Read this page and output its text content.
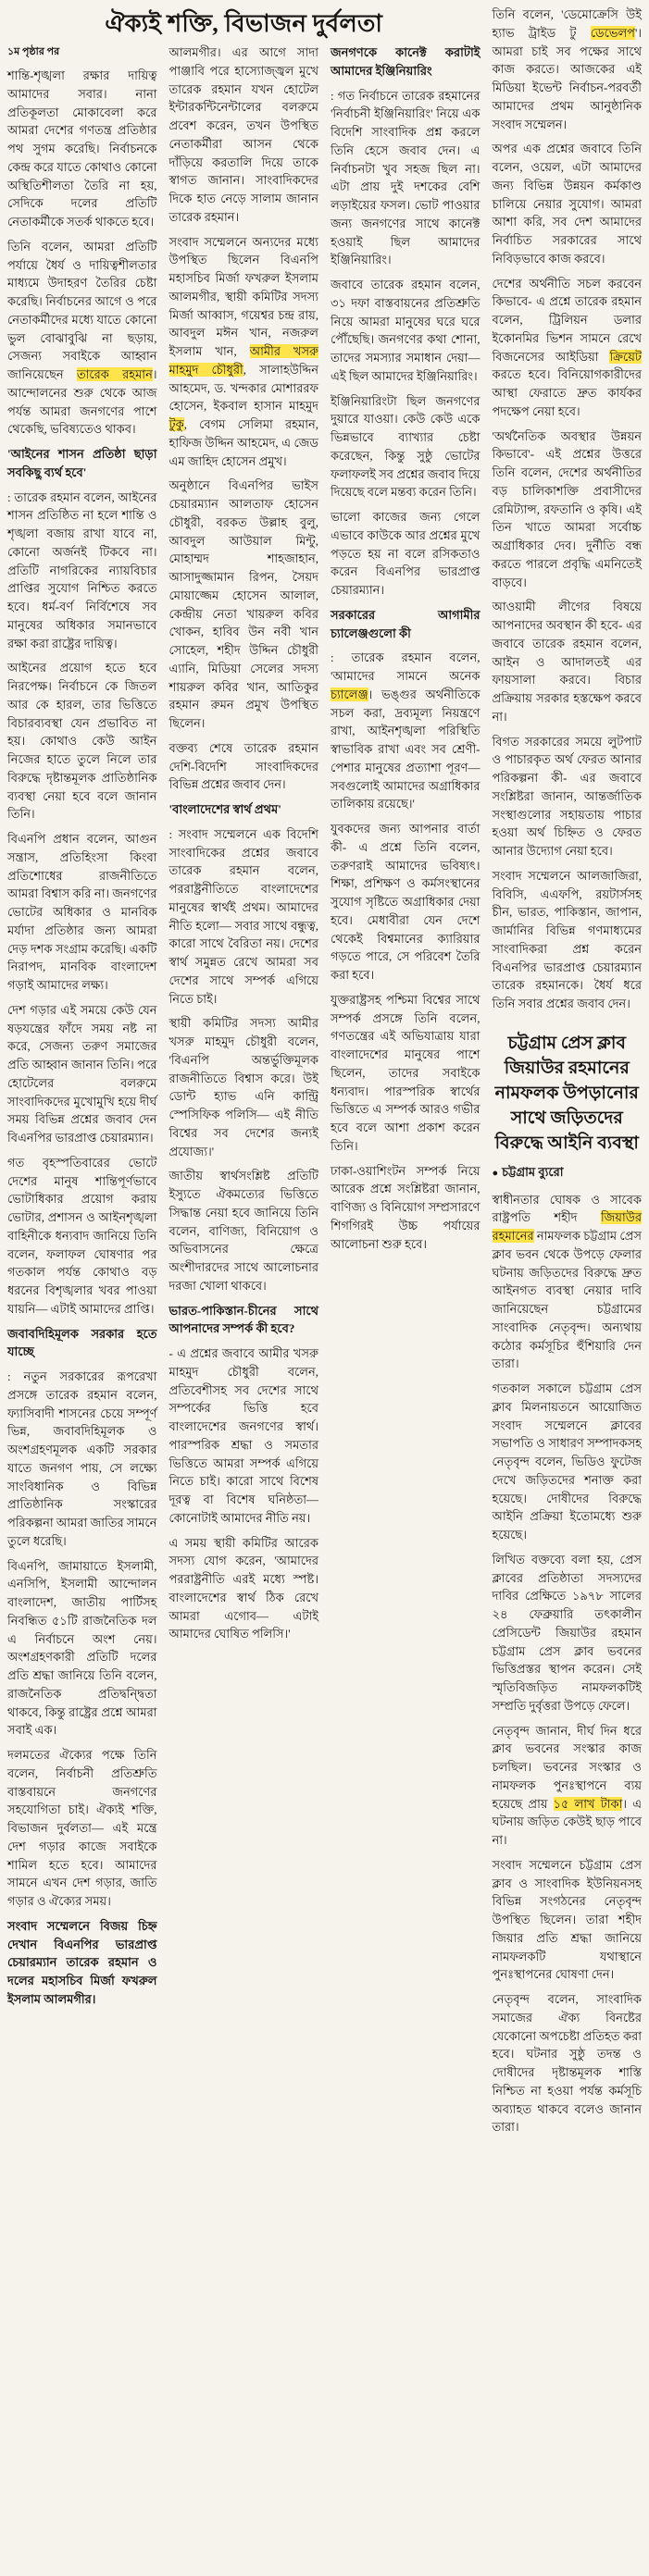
ঐক্যই শক্তি, বিভাজন দুর্বলতা
১ম পৃষ্ঠার পর

শান্তি-শৃঙ্খলা রক্ষার দায়িত্ব আমাদের সবার। নানা প্রতিকূলতা মোকাবেলা করে আমরা দেশের গণতন্ত্র প্রতিষ্ঠার পথ সুগম করেছি। নির্বাচনকে কেন্দ্র করে যাতে কোথাও কোনো অস্থিতিশীলতা তৈরি না হয়, সেদিকে দলের প্রতিটি নেতাকর্মীকে সতর্ক থাকতে হবে।

তিনি বলেন, আমরা প্রতিটি পর্যায়ে ধৈর্য ও দায়িত্বশীলতার মাধ্যমে উদাহরণ তৈরির চেষ্টা করেছি। নির্বাচনের আগে ও পরে নেতাকর্মীদের মধ্যে যাতে কোনো ভুল বোঝাবুঝি না ছড়ায়, সেজন্য সবাইকে আহ্বান জানিয়েছেন তারেক রহমান। আন্দোলনের শুরু থেকে আজ পর্যন্ত আমরা জনগণের পাশে থেকেছি, ভবিষ্যতেও থাকব।

'আইনের শাসন প্রতিষ্ঠা ছাড়া সবকিছু ব্যর্থ হবে'

: তারেক রহমান বলেন, আইনের শাসন প্রতিষ্ঠিত না হলে শান্তি ও শৃঙ্খলা বজায় রাখা যাবে না, কোনো অর্জনই টিকবে না। প্রতিটি নাগরিকের ন্যায়বিচার প্রাপ্তির সুযোগ নিশ্চিত করতে হবে। ধর্ম-বর্ণ নির্বিশেষে সব মানুষের অধিকার সমানভাবে রক্ষা করা রাষ্ট্রের দায়িত্ব।

আইনের প্রয়োগ হতে হবে নিরপেক্ষ। নির্বাচনে কে জিতল আর কে হারল, তার ভিত্তিতে বিচারব্যবস্থা যেন প্রভাবিত না হয়। কোথাও কেউ আইন নিজের হাতে তুলে নিলে তার বিরুদ্ধে দৃষ্টান্তমূলক প্রাতিষ্ঠানিক ব্যবস্থা নেয়া হবে বলে জানান তিনি।

বিএনপি প্রধান বলেন, আগুন সন্ত্রাস, প্রতিহিংসা কিংবা প্রতিশোধের রাজনীতিতে আমরা বিশ্বাস করি না। জনগণের ভোটের অধিকার ও মানবিক মর্যাদা প্রতিষ্ঠার জন্য আমরা দেড় দশক সংগ্রাম করেছি। একটি নিরাপদ, মানবিক বাংলাদেশ গড়াই আমাদের লক্ষ্য।

দেশ গড়ার এই সময়ে কেউ যেন ষড়যন্ত্রের ফাঁদে সময় নষ্ট না করে, সেজন্য তরুণ সমাজের প্রতি আহ্বান জানান তিনি। পরে হোটেলের বলরুমে সাংবাদিকদের মুখোমুখি হয়ে দীর্ঘ সময় বিভিন্ন প্রশ্নের জবাব দেন বিএনপির ভারপ্রাপ্ত চেয়ারম্যান।

গত বৃহস্পতিবারের ভোটে দেশের মানুষ শান্তিপূর্ণভাবে ভোটাধিকার প্রয়োগ করায় ভোটার, প্রশাসন ও আইনশৃঙ্খলা বাহিনীকে ধন্যবাদ জানিয়ে তিনি বলেন, ফলাফল ঘোষণার পর গতকাল পর্যন্ত কোথাও বড় ধরনের বিশৃঙ্খলার খবর পাওয়া যায়নি— এটাই আমাদের প্রাপ্তি।

জবাবদিহিমূলক সরকার হতে যাচ্ছে

: নতুন সরকারের রূপরেখা প্রসঙ্গে তারেক রহমান বলেন, ফ্যাসিবাদী শাসনের চেয়ে সম্পূর্ণ ভিন্ন, জবাবদিহিমূলক ও অংশগ্রহণমূলক একটি সরকার যাতে জনগণ পায়, সে লক্ষ্যে সাংবিধানিক ও বিভিন্ন প্রাতিষ্ঠানিক সংস্কারের পরিকল্পনা আমরা জাতির সামনে তুলে ধরেছি।

বিএনপি, জামায়াতে ইসলামী, এনসিপি, ইসলামী আন্দোলন বাংলাদেশ, জাতীয় পার্টিসহ নিবন্ধিত ৫১টি রাজনৈতিক দল এ নির্বাচনে অংশ নেয়। অংশগ্রহণকারী প্রতিটি দলের প্রতি শ্রদ্ধা জানিয়ে তিনি বলেন, রাজনৈতিক প্রতিদ্বন্দ্বিতা থাকবে, কিন্তু রাষ্ট্রের প্রশ্নে আমরা সবাই এক।

দলমতের ঐক্যের পক্ষে তিনি বলেন, নির্বাচনী প্রতিশ্রুতি বাস্তবায়নে জনগণের সহযোগিতা চাই। ঐক্যই শক্তি, বিভাজন দুর্বলতা— এই মন্ত্রে দেশ গড়ার কাজে সবাইকে শামিল হতে হবে। আমাদের সামনে এখন দেশ গড়ার, জাতি গড়ার ও ঐক্যের সময়।

সংবাদ সম্মেলনে বিজয় চিহ্ন দেখান বিএনপির ভারপ্রাপ্ত চেয়ারম্যান তারেক রহমান ও দলের মহাসচিব মির্জা ফখরুল ইসলাম আলমগীর।

আলমগীর। এর আগে সাদা পাঞ্জাবি পরে হাস্যোজ্জ্বল মুখে তারেক রহমান যখন হোটেল ইন্টারকন্টিনেন্টালের বলরুমে প্রবেশ করেন, তখন উপস্থিত নেতাকর্মীরা আসন থেকে দাঁড়িয়ে করতালি দিয়ে তাকে স্বাগত জানান। সাংবাদিকদের দিকে হাত নেড়ে সালাম জানান তারেক রহমান।

সংবাদ সম্মেলনে অন্যদের মধ্যে উপস্থিত ছিলেন বিএনপি মহাসচিব মির্জা ফখরুল ইসলাম আলমগীর, স্থায়ী কমিটির সদস্য মির্জা আব্বাস, গয়েশ্বর চন্দ্র রায়, আবদুল মঈন খান, নজরুল ইসলাম খান, আমীর খসরু মাহমুদ চৌধুরী, সালাহউদ্দিন আহমেদ, ড. খন্দকার মোশাররফ হোসেন, ইকবাল হাসান মাহমুদ টুকু, বেগম সেলিমা রহমান, হাফিজ উদ্দিন আহমেদ, এ জেড এম জাহিদ হোসেন প্রমুখ।

অনুষ্ঠানে বিএনপির ভাইস চেয়ারম্যান আলতাফ হোসেন চৌধুরী, বরকত উল্লাহ বুলু, আবদুল আউয়াল মিন্টু, মোহাম্মদ শাহজাহান, আসাদুজ্জামান রিপন, সৈয়দ মোয়াজ্জেম হোসেন আলাল, কেন্দ্রীয় নেতা খায়রুল কবির খোকন, হাবিব উন নবী খান সোহেল, শহীদ উদ্দিন চৌধুরী এ্যানি, মিডিয়া সেলের সদস্য শায়রুল কবির খান, আতিকুর রহমান রুমন প্রমুখ উপস্থিত ছিলেন।

বক্তব্য শেষে তারেক রহমান দেশি-বিদেশি সাংবাদিকদের বিভিন্ন প্রশ্নের জবাব দেন।

'বাংলাদেশের স্বার্থ প্রথম'

: সংবাদ সম্মেলনে এক বিদেশি সাংবাদিকের প্রশ্নের জবাবে তারেক রহমান বলেন, পররাষ্ট্রনীতিতে বাংলাদেশের মানুষের স্বার্থই প্রথম। আমাদের নীতি হলো— সবার সাথে বন্ধুত্ব, কারো সাথে বৈরিতা নয়। দেশের স্বার্থ সমুন্নত রেখে আমরা সব দেশের সাথে সম্পর্ক এগিয়ে নিতে চাই।

স্থায়ী কমিটির সদস্য আমীর খসরু মাহমুদ চৌধুরী বলেন, 'বিএনপি অন্তর্ভুক্তিমূলক রাজনীতিতে বিশ্বাস করে। উই ডোন্ট হ্যাভ এনি কান্ট্রি স্পেসিফিক পলিসি— এই নীতি বিশ্বের সব দেশের জন্যই প্রযোজ্য।'

জাতীয় স্বার্থসংশ্লিষ্ট প্রতিটি ইস্যুতে ঐকমত্যের ভিত্তিতে সিদ্ধান্ত নেয়া হবে জানিয়ে তিনি বলেন, বাণিজ্য, বিনিয়োগ ও অভিবাসনের ক্ষেত্রে অংশীদারদের সাথে আলোচনার দরজা খোলা থাকবে।

ভারত-পাকিস্তান-চীনের সাথে আপনাদের সম্পর্ক কী হবে?

- এ প্রশ্নের জবাবে আমীর খসরু মাহমুদ চৌধুরী বলেন, প্রতিবেশীসহ সব দেশের সাথে সম্পর্কের ভিত্তি হবে বাংলাদেশের জনগণের স্বার্থ। পারস্পরিক শ্রদ্ধা ও সমতার ভিত্তিতে আমরা সম্পর্ক এগিয়ে নিতে চাই। কারো সাথে বিশেষ দূরত্ব বা বিশেষ ঘনিষ্ঠতা— কোনোটাই আমাদের নীতি নয়।

এ সময় স্থায়ী কমিটির আরেক সদস্য যোগ করেন, 'আমাদের পররাষ্ট্রনীতি এরই মধ্যে স্পষ্ট। বাংলাদেশের স্বার্থ ঠিক রেখে আমরা এগোব— এটাই আমাদের ঘোষিত পলিসি।'

জনগণকে কানেক্ট করাটাই আমাদের ইঞ্জিনিয়ারিং

: গত নির্বাচনে তারেক রহমানের 'নির্বাচনী ইঞ্জিনিয়ারিং' নিয়ে এক বিদেশি সাংবাদিক প্রশ্ন করলে তিনি হেসে জবাব দেন। এ নির্বাচনটা খুব সহজ ছিল না। এটা প্রায় দুই দশকের বেশি লড়াইয়ের ফসল। ভোট পাওয়ার জন্য জনগণের সাথে কানেক্ট হওয়াই ছিল আমাদের ইঞ্জিনিয়ারিং।

জবাবে তারেক রহমান বলেন, ৩১ দফা বাস্তবায়নের প্রতিশ্রুতি নিয়ে আমরা মানুষের ঘরে ঘরে পৌঁছেছি। জনগণের কথা শোনা, তাদের সমস্যার সমাধান দেয়া— এই ছিল আমাদের ইঞ্জিনিয়ারিং।

ইঞ্জিনিয়ারিংটা ছিল জনগণের দুয়ারে যাওয়া। কেউ কেউ একে ভিন্নভাবে ব্যাখ্যার চেষ্টা করেছেন, কিন্তু সুষ্ঠু ভোটের ফলাফলই সব প্রশ্নের জবাব দিয়ে দিয়েছে বলে মন্তব্য করেন তিনি।

ভালো কাজের জন্য গেলে এভাবে কাউকে আর প্রশ্নের মুখে পড়তে হয় না বলে রসিকতাও করেন বিএনপির ভারপ্রাপ্ত চেয়ারম্যান।

সরকারের আগামীর চ্যালেঞ্জগুলো কী

: তারেক রহমান বলেন, 'আমাদের সামনে অনেক চ্যালেঞ্জ। ভঙ্গুর অর্থনীতিকে সচল করা, দ্রব্যমূল্য নিয়ন্ত্রণে রাখা, আইনশৃঙ্খলা পরিস্থিতি স্বাভাবিক রাখা এবং সব শ্রেণী-পেশার মানুষের প্রত্যাশা পূরণ— সবগুলোই আমাদের অগ্রাধিকার তালিকায় রয়েছে।'

যুবকদের জন্য আপনার বার্তা কী- এ প্রশ্নে তিনি বলেন, তরুণরাই আমাদের ভবিষ্যৎ। শিক্ষা, প্রশিক্ষণ ও কর্মসংস্থানের সুযোগ সৃষ্টিতে অগ্রাধিকার দেয়া হবে। মেধাবীরা যেন দেশে থেকেই বিশ্বমানের ক্যারিয়ার গড়তে পারে, সে পরিবেশ তৈরি করা হবে।

যুক্তরাষ্ট্রসহ পশ্চিমা বিশ্বের সাথে সম্পর্ক প্রসঙ্গে তিনি বলেন, গণতন্ত্রের এই অভিযাত্রায় যারা বাংলাদেশের মানুষের পাশে ছিলেন, তাদের সবাইকে ধন্যবাদ। পারস্পরিক স্বার্থের ভিত্তিতে এ সম্পর্ক আরও গভীর হবে বলে আশা প্রকাশ করেন তিনি।

ঢাকা-ওয়াশিংটন সম্পর্ক নিয়ে আরেক প্রশ্নে সংশ্লিষ্টরা জানান, বাণিজ্য ও বিনিয়োগ সম্প্রসারণে শিগগিরই উচ্চ পর্যায়ের আলোচনা শুরু হবে।

তিনি বলেন, 'ডেমোক্রেসি উই হ্যাভ ট্রাইড টু ডেভেলপ'। আমরা চাই সব পক্ষের সাথে কাজ করতে। আজকের এই মিডিয়া ইভেন্ট নির্বাচন-পরবর্তী আমাদের প্রথম আনুষ্ঠানিক সংবাদ সম্মেলন।

অপর এক প্রশ্নের জবাবে তিনি বলেন, ওয়েল, এটা আমাদের জন্য বিভিন্ন উন্নয়ন কর্মকাণ্ড চালিয়ে নেয়ার সুযোগ। আমরা আশা করি, সব দেশ আমাদের নির্বাচিত সরকারের সাথে নিবিড়ভাবে কাজ করবে।

দেশের অর্থনীতি সচল করবেন কিভাবে- এ প্রশ্নে তারেক রহমান বলেন, ট্রিলিয়ন ডলার ইকোনমির ভিশন সামনে রেখে বিজনেসের আইডিয়া ক্রিয়েট করতে হবে। বিনিয়োগকারীদের আস্থা ফেরাতে দ্রুত কার্যকর পদক্ষেপ নেয়া হবে।

'অর্থনৈতিক অবস্থার উন্নয়ন কিভাবে'- এই প্রশ্নের উত্তরে তিনি বলেন, দেশের অর্থনীতির বড় চালিকাশক্তি প্রবাসীদের রেমিট্যান্স, রফতানি ও কৃষি। এই তিন খাতে আমরা সর্বোচ্চ অগ্রাধিকার দেব। দুর্নীতি বন্ধ করতে পারলে প্রবৃদ্ধি এমনিতেই বাড়বে।

আওয়ামী লীগের বিষয়ে আপনাদের অবস্থান কী হবে- এর জবাবে তারেক রহমান বলেন, আইন ও আদালতই এর ফায়সালা করবে। বিচার প্রক্রিয়ায় সরকার হস্তক্ষেপ করবে না।

বিগত সরকারের সময়ে লুটপাট ও পাচারকৃত অর্থ ফেরত আনার পরিকল্পনা কী- এর জবাবে সংশ্লিষ্টরা জানান, আন্তর্জাতিক সংস্থাগুলোর সহায়তায় পাচার হওয়া অর্থ চিহ্নিত ও ফেরত আনার উদ্যোগ নেয়া হবে।

সংবাদ সম্মেলনে আলজাজিরা, বিবিসি, এএফপি, রয়টার্সসহ চীন, ভারত, পাকিস্তান, জাপান, জার্মানির বিভিন্ন গণমাধ্যমের সাংবাদিকরা প্রশ্ন করেন বিএনপির ভারপ্রাপ্ত চেয়ারম্যান তারেক রহমানকে। ধৈর্য ধরে তিনি সবার প্রশ্নের জবাব দেন।

চট্টগ্রাম প্রেস ক্লাব জিয়াউর রহমানের নামফলক উপড়ানোর সাথে জড়িতদের বিরুদ্ধে আইনি ব্যবস্থা
● চট্টগ্রাম ব্যুরো

স্বাধীনতার ঘোষক ও সাবেক রাষ্ট্রপতি শহীদ জিয়াউর রহমানের নামফলক চট্টগ্রাম প্রেস ক্লাব ভবন থেকে উপড়ে ফেলার ঘটনায় জড়িতদের বিরুদ্ধে দ্রুত আইনগত ব্যবস্থা নেয়ার দাবি জানিয়েছেন চট্টগ্রামের সাংবাদিক নেতৃবৃন্দ। অন্যথায় কঠোর কর্মসূচির হুঁশিয়ারি দেন তারা।

গতকাল সকালে চট্টগ্রাম প্রেস ক্লাব মিলনায়তনে আয়োজিত সংবাদ সম্মেলনে ক্লাবের সভাপতি ও সাধারণ সম্পাদকসহ নেতৃবৃন্দ বলেন, ভিডিও ফুটেজ দেখে জড়িতদের শনাক্ত করা হয়েছে। দোষীদের বিরুদ্ধে আইনি প্রক্রিয়া ইতোমধ্যে শুরু হয়েছে।

লিখিত বক্তব্যে বলা হয়, প্রেস ক্লাবের প্রতিষ্ঠাতা সদস্যদের দাবির প্রেক্ষিতে ১৯৭৮ সালের ২৪ ফেব্রুয়ারি তৎকালীন প্রেসিডেন্ট জিয়াউর রহমান চট্টগ্রাম প্রেস ক্লাব ভবনের ভিত্তিপ্রস্তর স্থাপন করেন। সেই স্মৃতিবিজড়িত নামফলকটিই সম্প্রতি দুর্বৃত্তরা উপড়ে ফেলে।

নেতৃবৃন্দ জানান, দীর্ঘ দিন ধরে ক্লাব ভবনের সংস্কার কাজ চলছিল। ভবনের সংস্কার ও নামফলক পুনঃস্থাপনে ব্যয় হয়েছে প্রায় ১৫ লাখ টাকা। এ ঘটনায় জড়িত কেউই ছাড় পাবে না।

সংবাদ সম্মেলনে চট্টগ্রাম প্রেস ক্লাব ও সাংবাদিক ইউনিয়নসহ বিভিন্ন সংগঠনের নেতৃবৃন্দ উপস্থিত ছিলেন। তারা শহীদ জিয়ার প্রতি শ্রদ্ধা জানিয়ে নামফলকটি যথাস্থানে পুনঃস্থাপনের ঘোষণা দেন।

নেতৃবৃন্দ বলেন, সাংবাদিক সমাজের ঐক্য বিনষ্টের যেকোনো অপচেষ্টা প্রতিহত করা হবে। ঘটনার সুষ্ঠু তদন্ত ও দোষীদের দৃষ্টান্তমূলক শাস্তি নিশ্চিত না হওয়া পর্যন্ত কর্মসূচি অব্যাহত থাকবে বলেও জানান তারা।
